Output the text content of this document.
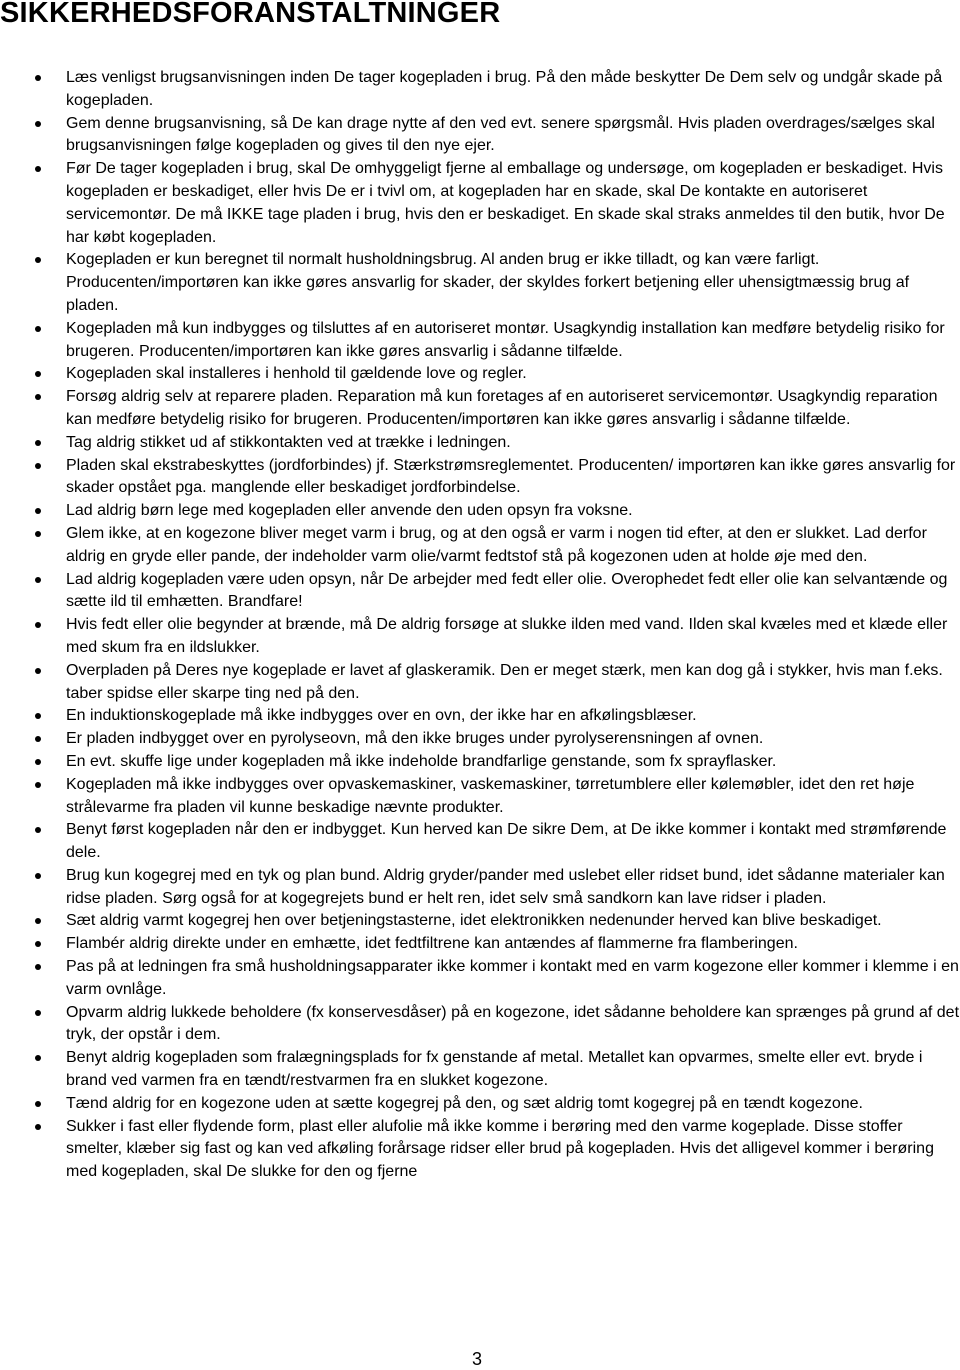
SIKKERHEDSFORANSTALTNINGER
Læs venligst brugsanvisningen inden De tager kogepladen i brug. På den måde beskytter De Dem selv og undgår skade på kogepladen.
Gem denne brugsanvisning, så De kan drage nytte af den ved evt. senere spørgsmål. Hvis pladen overdrages/sælges skal brugsanvisningen følge kogepladen og gives til den nye ejer.
Før De tager kogepladen i brug, skal De omhyggeligt fjerne al emballage og undersøge, om kogepladen er beskadiget. Hvis kogepladen er beskadiget, eller hvis De er i tvivl om, at kogepladen har en skade, skal De kontakte en autoriseret servicemontør. De må IKKE tage pladen i brug, hvis den er beskadiget. En skade skal straks anmeldes til den butik, hvor De har købt kogepladen.
Kogepladen er kun beregnet til normalt husholdningsbrug. Al anden brug er ikke tilladt, og kan være farligt. Producenten/importøren kan ikke gøres ansvarlig for skader, der skyldes forkert betjening eller uhensigtmæssig brug af pladen.
Kogepladen må kun indbygges og tilsluttes af en autoriseret montør. Usagkyndig installation kan medføre betydelig risiko for brugeren. Producenten/importøren kan ikke gøres ansvarlig i sådanne tilfælde.
Kogepladen skal installeres i henhold til gældende love og regler.
Forsøg aldrig selv at reparere pladen. Reparation må kun foretages af en autoriseret servicemontør. Usagkyndig reparation kan medføre betydelig risiko for brugeren. Producenten/importøren kan ikke gøres ansvarlig i sådanne tilfælde.
Tag aldrig stikket ud af stikkontakten ved at trække i ledningen.
Pladen skal ekstrabeskyttes (jordforbindes) jf. Stærkstrømsreglementet. Producenten/ importøren kan ikke gøres ansvarlig for skader opstået pga. manglende eller beskadiget jordforbindelse.
Lad aldrig børn lege med kogepladen eller anvende den uden opsyn fra voksne.
Glem ikke, at en kogezone bliver meget varm i brug, og at den også er varm i nogen tid efter, at den er slukket. Lad derfor aldrig en gryde eller pande, der indeholder varm olie/varmt fedtstof stå på kogezonen uden at holde øje med den.
Lad aldrig kogepladen være uden opsyn, når De arbejder med fedt eller olie. Overophedet fedt eller olie kan selvantænde og sætte ild til emhætten. Brandfare!
Hvis fedt eller olie begynder at brænde, må De aldrig forsøge at slukke ilden med vand. Ilden skal kvæles med et klæde eller med skum fra en ildslukker.
Overpladen på Deres nye kogeplade er lavet af glaskeramik. Den er meget stærk, men kan dog gå i stykker, hvis man f.eks. taber spidse eller skarpe ting ned på den.
En induktionskogeplade må ikke indbygges over en ovn, der ikke har en afkølingsblæser.
Er pladen indbygget over en pyrolyseovn, må den ikke bruges under pyrolyserensningen af ovnen.
En evt. skuffe lige under kogepladen må ikke indeholde brandfarlige genstande, som fx sprayflasker.
Kogepladen må ikke indbygges over opvaskemaskiner, vaskemaskiner, tørretumblere eller kølemøbler, idet den ret høje strålevarme fra pladen vil kunne beskadige nævnte produkter.
Benyt først kogepladen når den er indbygget. Kun herved kan De sikre Dem, at De ikke kommer i kontakt med strømførende dele.
Brug kun kogegrej med en tyk og plan bund. Aldrig gryder/pander med uslebet eller ridset bund, idet sådanne materialer kan ridse pladen. Sørg også for at kogegrejets bund er helt ren, idet selv små sandkorn kan lave ridser i pladen.
Sæt aldrig varmt kogegrej hen over betjeningstasterne, idet elektronikken nedenunder herved kan blive beskadiget.
Flambér aldrig direkte under en emhætte, idet fedtfiltrene kan antændes af flammerne fra flamberingen.
Pas på at ledningen fra små husholdningsapparater ikke kommer i kontakt med en varm kogezone eller kommer i klemme i en varm ovnlåge.
Opvarm aldrig lukkede beholdere (fx konservesdåser) på en kogezone, idet sådanne beholdere kan sprænges på grund af det tryk, der opstår i dem.
Benyt aldrig kogepladen som fralægningsplads for fx genstande af metal. Metallet kan opvarmes, smelte eller evt. bryde i brand ved varmen fra en tændt/restvarmen fra en slukket kogezone.
Tænd aldrig for en kogezone uden at sætte kogegrej på den, og sæt aldrig tomt kogegrej på en tændt kogezone.
Sukker i fast eller flydende form, plast eller alufolie må ikke komme i berøring med den varme kogeplade. Disse stoffer smelter, klæber sig fast og kan ved afkøling forårsage ridser eller brud på kogepladen. Hvis det alligevel kommer i berøring med kogepladen, skal De slukke for den og fjerne
3
